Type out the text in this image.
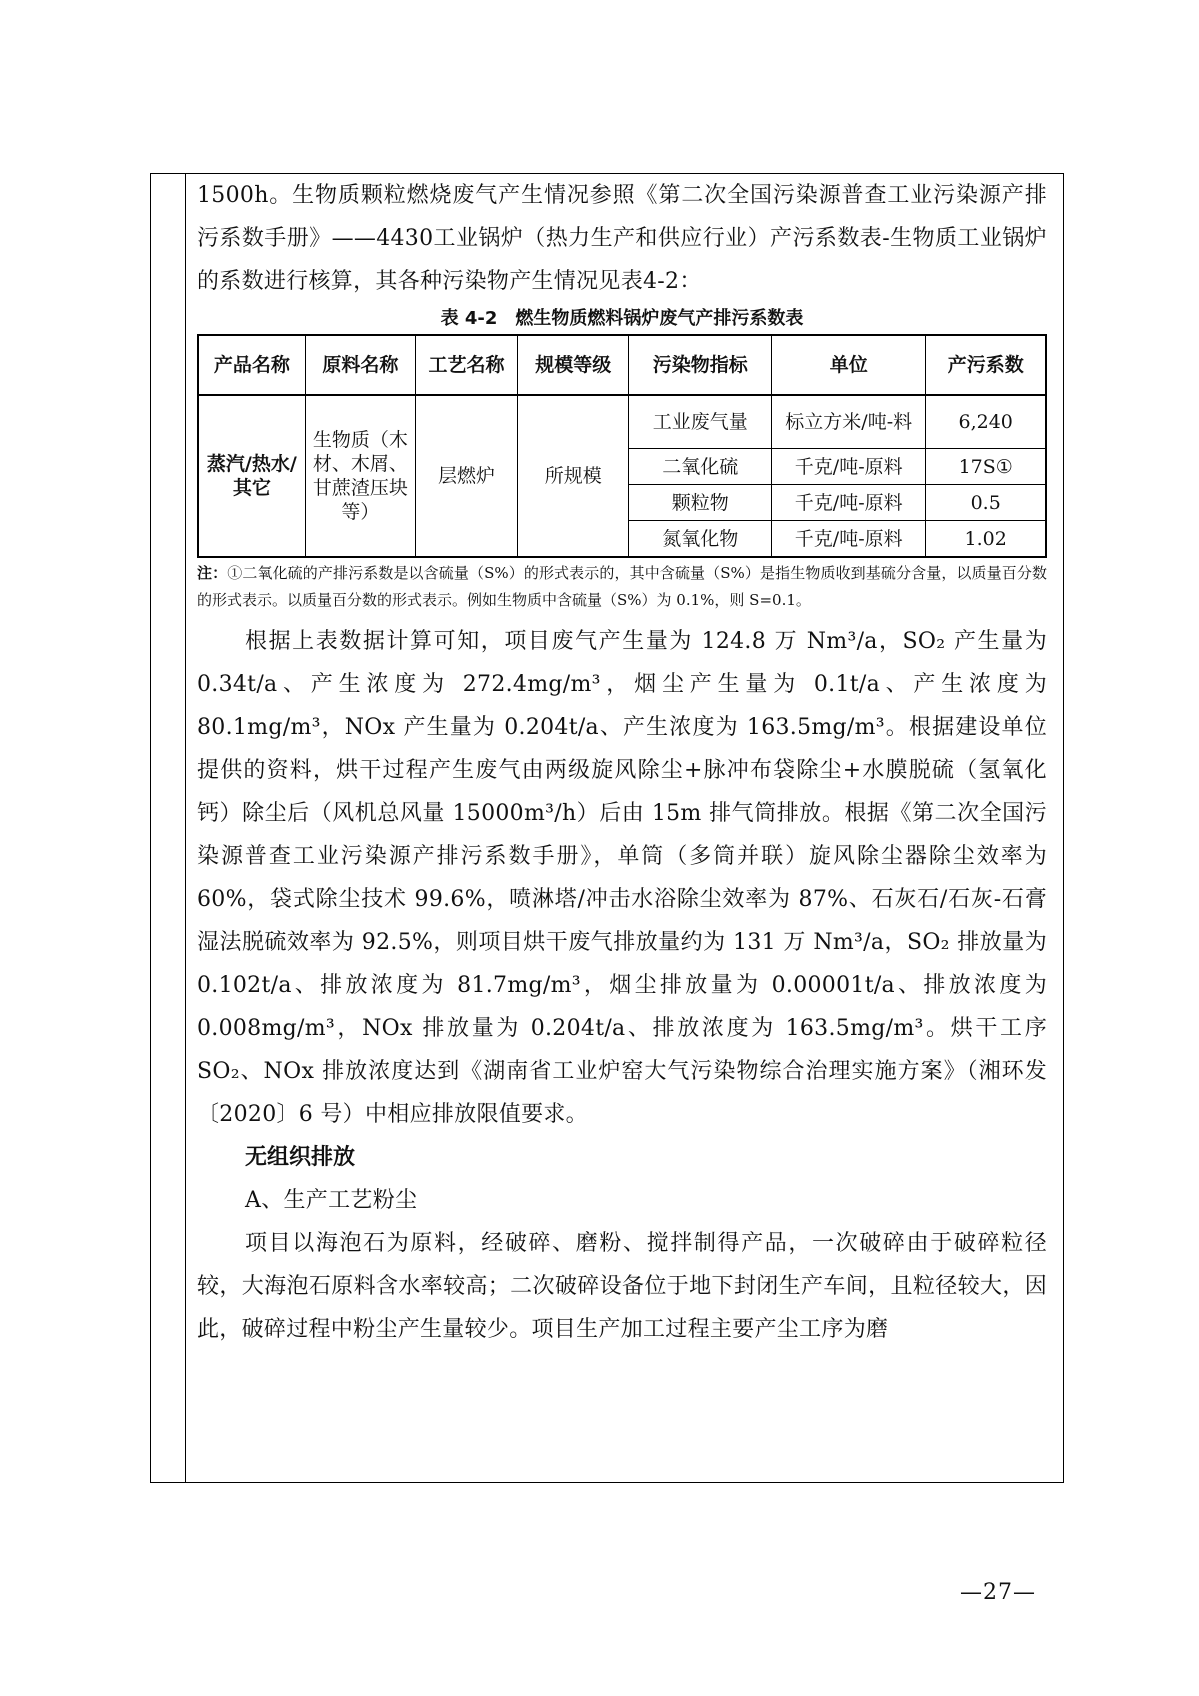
1500h。生物质颗粒燃烧废气产生情况参照《第二次全国污染源普查工业污染源产排污系数手册》——4430工业锅炉（热力生产和供应行业）产污系数表-生物质工业锅炉的系数进行核算，其各种污染物产生情况见表4-2：

表 4-2　燃生物质燃料锅炉废气产排污系数表
产品名称	原料名称	工艺名称	规模等级	污染物指标	单位	产污系数
蒸汽/热水/其它	生物质（木材、木屑、甘蔗渣压块等）	层燃炉	所规模	工业废气量	标立方米/吨-料	6,240
				二氧化硫	千克/吨-原料	17S①
				颗粒物	千克/吨-原料	0.5
				氮氧化物	千克/吨-原料	1.02

注：①二氧化硫的产排污系数是以含硫量（S%）的形式表示的，其中含硫量（S%）是指生物质收到基硫分含量，以质量百分数的形式表示。以质量百分数的形式表示。例如生物质中含硫量（S%）为 0.1%，则 S=0.1。

根据上表数据计算可知，项目废气产生量为 124.8 万 Nm³/a，SO₂ 产生量为 0.34t/a、产生浓度为 272.4mg/m³，烟尘产生量为 0.1t/a、产生浓度为 80.1mg/m³，NOx 产生量为 0.204t/a、产生浓度为 163.5mg/m³。根据建设单位提供的资料，烘干过程产生废气由两级旋风除尘+脉冲布袋除尘+水膜脱硫（氢氧化钙）除尘后（风机总风量 15000m³/h）后由 15m 排气筒排放。根据《第二次全国污染源普查工业污染源产排污系数手册》，单筒（多筒并联）旋风除尘器除尘效率为 60%，袋式除尘技术 99.6%，喷淋塔/冲击水浴除尘效率为 87%、石灰石/石灰-石膏湿法脱硫效率为 92.5%，则项目烘干废气排放量约为 131 万 Nm³/a，SO₂ 排放量为 0.102t/a、排放浓度为 81.7mg/m³，烟尘排放量为 0.00001t/a、排放浓度为 0.008mg/m³，NOx 排放量为 0.204t/a、排放浓度为 163.5mg/m³。烘干工序 SO₂、NOx 排放浓度达到《湖南省工业炉窑大气污染物综合治理实施方案》（湘环发〔2020〕6 号）中相应排放限值要求。

无组织排放

A、生产工艺粉尘

项目以海泡石为原料，经破碎、磨粉、搅拌制得产品，一次破碎由于破碎粒径较，大海泡石原料含水率较高；二次破碎设备位于地下封闭生产车间，且粒径较大，因此，破碎过程中粉尘产生量较少。项目生产加工过程主要产尘工序为磨

—27—
